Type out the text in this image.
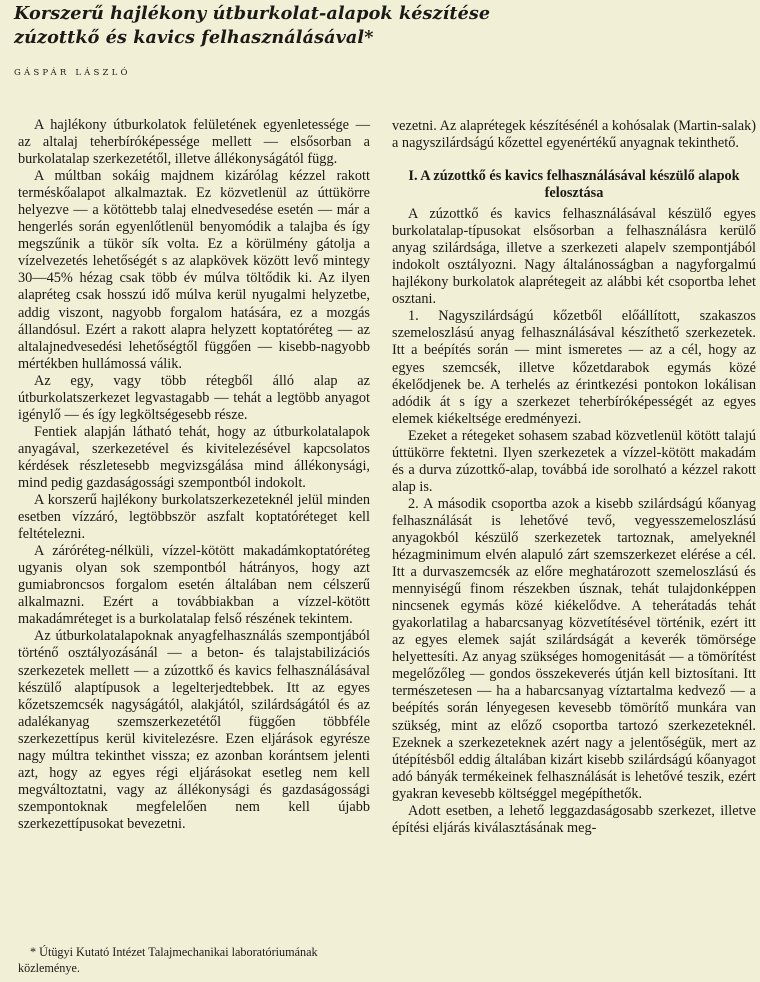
Korszerű hajlékony útburkolat-alapok készítése
zúzottkő és kavics felhasználásával*
GÁSPÁR LÁSZLÓ

A hajlékony útburkolatok felületének egyenletessége — az altalaj teherbíróképessége mellett — elsősorban a burkolatalap szerkezetétől, illetve állékonyságától függ.

A múltban sokáig majdnem kizárólag kézzel rakott terméskőalapot alkalmaztak. Ez közvetlenül az úttükörre helyezve — a kötöttebb talaj elnedvesedése esetén — már a hengerlés során egyenlőtlenül benyomódik a talajba és így megszűnik a tükör sík volta. Ez a körülmény gátolja a vízelvezetés lehetőségét s az alapkövek között levő mintegy 30—45% hézag csak több év múlva töltődik ki. Az ilyen alapréteg csak hosszú idő múlva kerül nyugalmi helyzetbe, addig viszont, nagyobb forgalom hatására, ez a mozgás állandósul. Ezért a rakott alapra helyzett koptatóréteg — az altalajnedvesedési lehetőségtől függően — kisebb-nagyobb mértékben hullámossá válik.

Az egy, vagy több rétegből álló alap az útburkolatszerkezet legvastagabb — tehát a legtöbb anyagot igénylő — és így legköltségesebb része.

Fentiek alapján látható tehát, hogy az útburkolatalapok anyagával, szerkezetével és kivitelezésével kapcsolatos kérdések részletesebb megvizsgálása mind állékonysági, mind pedig gazdaságossági szempontból indokolt.

A korszerű hajlékony burkolatszerkezeteknél jelül minden esetben vízzáró, legtöbbször aszfalt koptatóréteget kell feltételezni.

A záróréteg-nélküli, vízzel-kötött makadámkoptatóréteg ugyanis olyan sok szempontból hátrányos, hogy azt gumiabroncsos forgalom esetén általában nem célszerű alkalmazni. Ezért a továbbiakban a vízzel-kötött makadámréteget is a burkolatalap felső részének tekintem.

Az útburkolatalapoknak anyagfelhasználás szempontjából történő osztályozásánál — a beton- és talajstabilizációs szerkezetek mellett — a zúzottkő és kavics felhasználásával készülő alaptípusok a legelterjedtebbek. Itt az egyes kőzetszemcsék nagyságától, alakjától, szilárdságától és az adalékanyag szemszerkezetétől függően többféle szerkezettípus kerül kivitelezésre. Ezen eljárások egyrésze nagy múltra tekinthet vissza; ez azonban korántsem jelenti azt, hogy az egyes régi eljárásokat esetleg nem kell megváltoztatni, vagy az állékonysági és gazdaságossági szempontoknak megfelelően nem kell újabb szerkezettípusokat bevezetni.

* Útügyi Kutató Intézet Talajmechanikai laboratóriumának közleménye.

vezetni. Az alaprétegek készítésénél a kohósalak (Martin-salak) a nagyszilárdságú kőzettel egyenértékű anyagnak tekinthető.

I. A zúzottkő és kavics felhasználásával készülő alapok felosztása

A zúzottkő és kavics felhasználásával készülő egyes burkolatalap-típusokat elsősorban a felhasználásra kerülő anyag szilárdsága, illetve a szerkezeti alapelv szempontjából indokolt osztályozni. Nagy általánosságban a nagyforgalmú hajlékony burkolatok alaprétegeit az alábbi két csoportba lehet osztani.

1. Nagyszilárdságú kőzetből előállított, szakaszos szemeloszlású anyag felhasználásával készíthető szerkezetek. Itt a beépítés során — mint ismeretes — az a cél, hogy az egyes szemcsék, illetve kőzetdarabok egymás közé ékelődjenek be. A terhelés az érintkezési pontokon lokálisan adódik át s így a szerkezet teherbíróképességét az egyes elemek kiékeltsége eredményezi.

Ezeket a rétegeket sohasem szabad közvetlenül kötött talajú úttükörre fektetni. Ilyen szerkezetek a vízzel-kötött makadám és a durva zúzottkő-alap, továbbá ide sorolható a kézzel rakott alap is.

2. A második csoportba azok a kisebb szilárdságú kőanyag felhasználását is lehetővé tevő, vegyesszemeloszlású anyagokból készülő szerkezetek tartoznak, amelyeknél hézagminimum elvén alapuló zárt szemszerkezet elérése a cél. Itt a durvaszemcsék az előre meghatározott szemeloszlású és mennyiségű finom részekben úsznak, tehát tulajdonképpen nincsenek egymás közé kiékelődve. A teherátadás tehát gyakorlatilag a habarcsanyag közvetítésével történik, ezért itt az egyes elemek saját szilárdságát a keverék tömörsége helyettesíti. Az anyag szükséges homogenitását — a tömörítést megelőzőleg — gondos összekeverés útján kell biztosítani. Itt természetesen — ha a habarcsanyag víztartalma kedvező — a beépítés során lényegesen kevesebb tömörítő munkára van szükség, mint az előző csoportba tartozó szerkezeteknél. Ezeknek a szerkezeteknek azért nagy a jelentőségük, mert az útépítésből eddig általában kizárt kisebb szilárdságú kőanyagot adó bányák termékeinek felhasználását is lehetővé teszik, ezért gyakran kevesebb költséggel megépíthetők.

Adott esetben, a lehető leggazdaságosabb szerkezet, illetve építési eljárás kiválasztásának meg-
